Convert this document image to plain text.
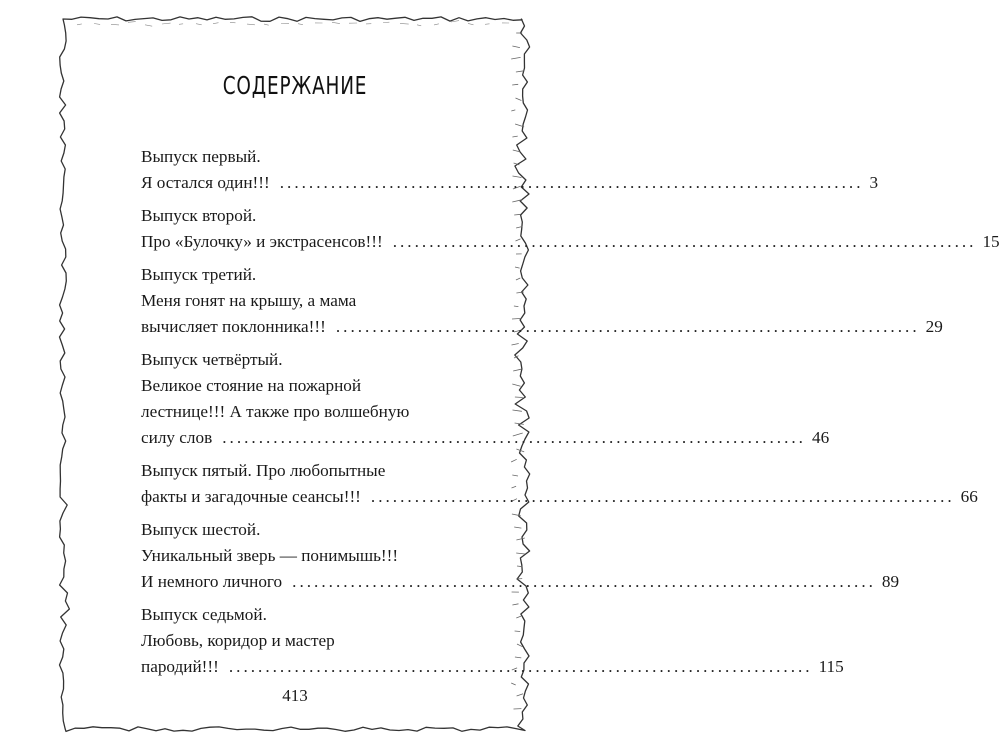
СОДЕРЖАНИЕ
Выпуск первый.
Я остался один!!! ................................................................................ 3
Выпуск второй.
Про «Булочку» и экстрасенсов!!! ................................................................................ 15
Выпуск третий.
Меня гонят на крышу, а мама
вычисляет поклонника!!! ................................................................................ 29
Выпуск четвёртый.
Великое стояние на пожарной
лестнице!!! А также про волшебную
силу слов ................................................................................ 46
Выпуск пятый. Про любопытные
факты и загадочные сеансы!!! ................................................................................ 66
Выпуск шестой.
Уникальный зверь — понимышь!!!
И немного личного ................................................................................ 89
Выпуск седьмой.
Любовь, коридор и мастер
пародий!!! ................................................................................ 115
413
